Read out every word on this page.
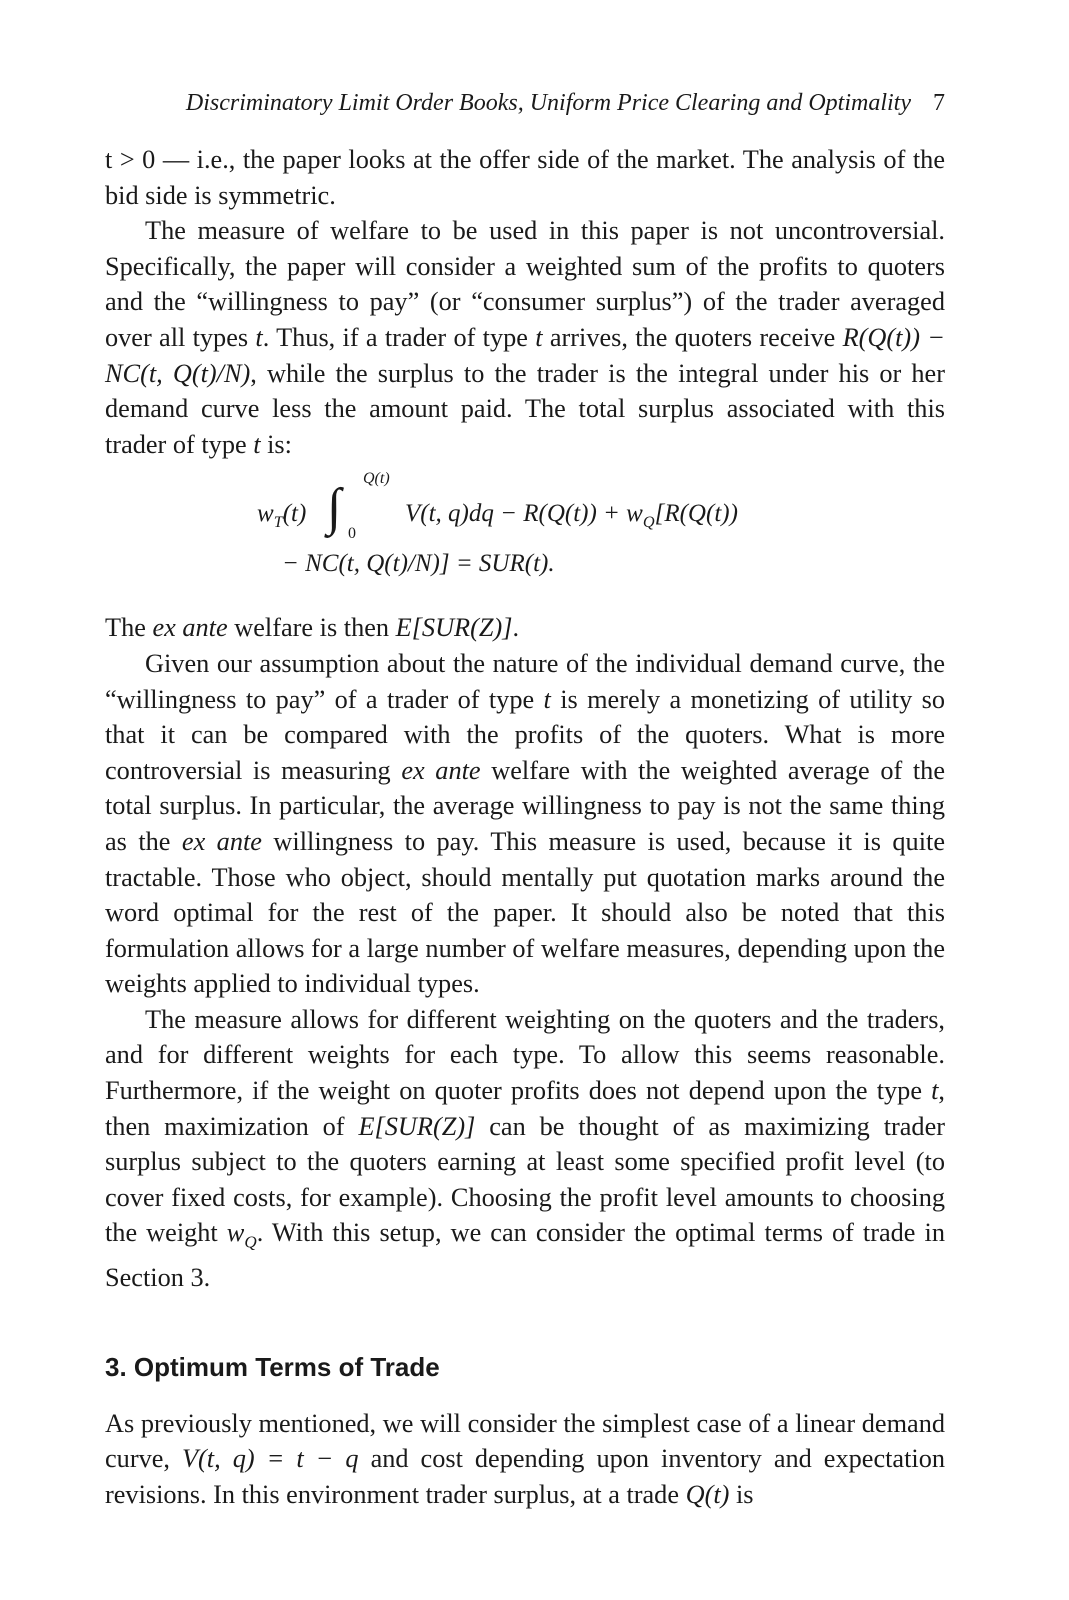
Discriminatory Limit Order Books, Uniform Price Clearing and Optimality 7

t > 0 — i.e., the paper looks at the offer side of the market. The analysis of the bid side is symmetric.

The measure of welfare to be used in this paper is not uncontroversial. Specifically, the paper will consider a weighted sum of the profits to quoters and the “willingness to pay” (or “consumer surplus”) of the trader averaged over all types t. Thus, if a trader of type t arrives, the quoters receive R(Q(t)) − NC(t, Q(t)/N), while the surplus to the trader is the integral under his or her demand curve less the amount paid. The total surplus associated with this trader of type t is:

$w_T(t)$ ∫
Q(t)
0
V(t, $q)dq - R(Q(t)) + w_Q[R(Q(t))$
− NC(t, Q(t)/N)] = SUR(t).

The ex ante welfare is then E[SUR(Z)].

Given our assumption about the nature of the individual demand curve, the “willingness to pay” of a trader of type t is merely a monetizing of utility so that it can be compared with the profits of the quoters. What is more controversial is measuring ex ante welfare with the weighted average of the total surplus. In particular, the average willingness to pay is not the same thing as the ex ante willingness to pay. This measure is used, because it is quite tractable. Those who object, should mentally put quotation marks around the word optimal for the rest of the paper. It should also be noted that this formulation allows for a large number of welfare measures, depending upon the weights applied to individual types.

The measure allows for different weighting on the quoters and the traders, and for different weights for each type. To allow this seems reasonable. Furthermore, if the weight on quoter profits does not depend upon the type t, then maximization of E[SUR(Z)] can be thought of as maximizing trader surplus subject to the quoters earning at least some specified profit level (to cover fixed costs, for example). Choosing the profit level amounts to choosing the weight $w_Q$. With this setup, we can consider the optimal terms of trade in Section 3.

3. Optimum Terms of Trade

As previously mentioned, we will consider the simplest case of a linear demand curve, V(t, q) = t − q and cost depending upon inventory and expectation revisions. In this environment trader surplus, at a trade Q(t) is
